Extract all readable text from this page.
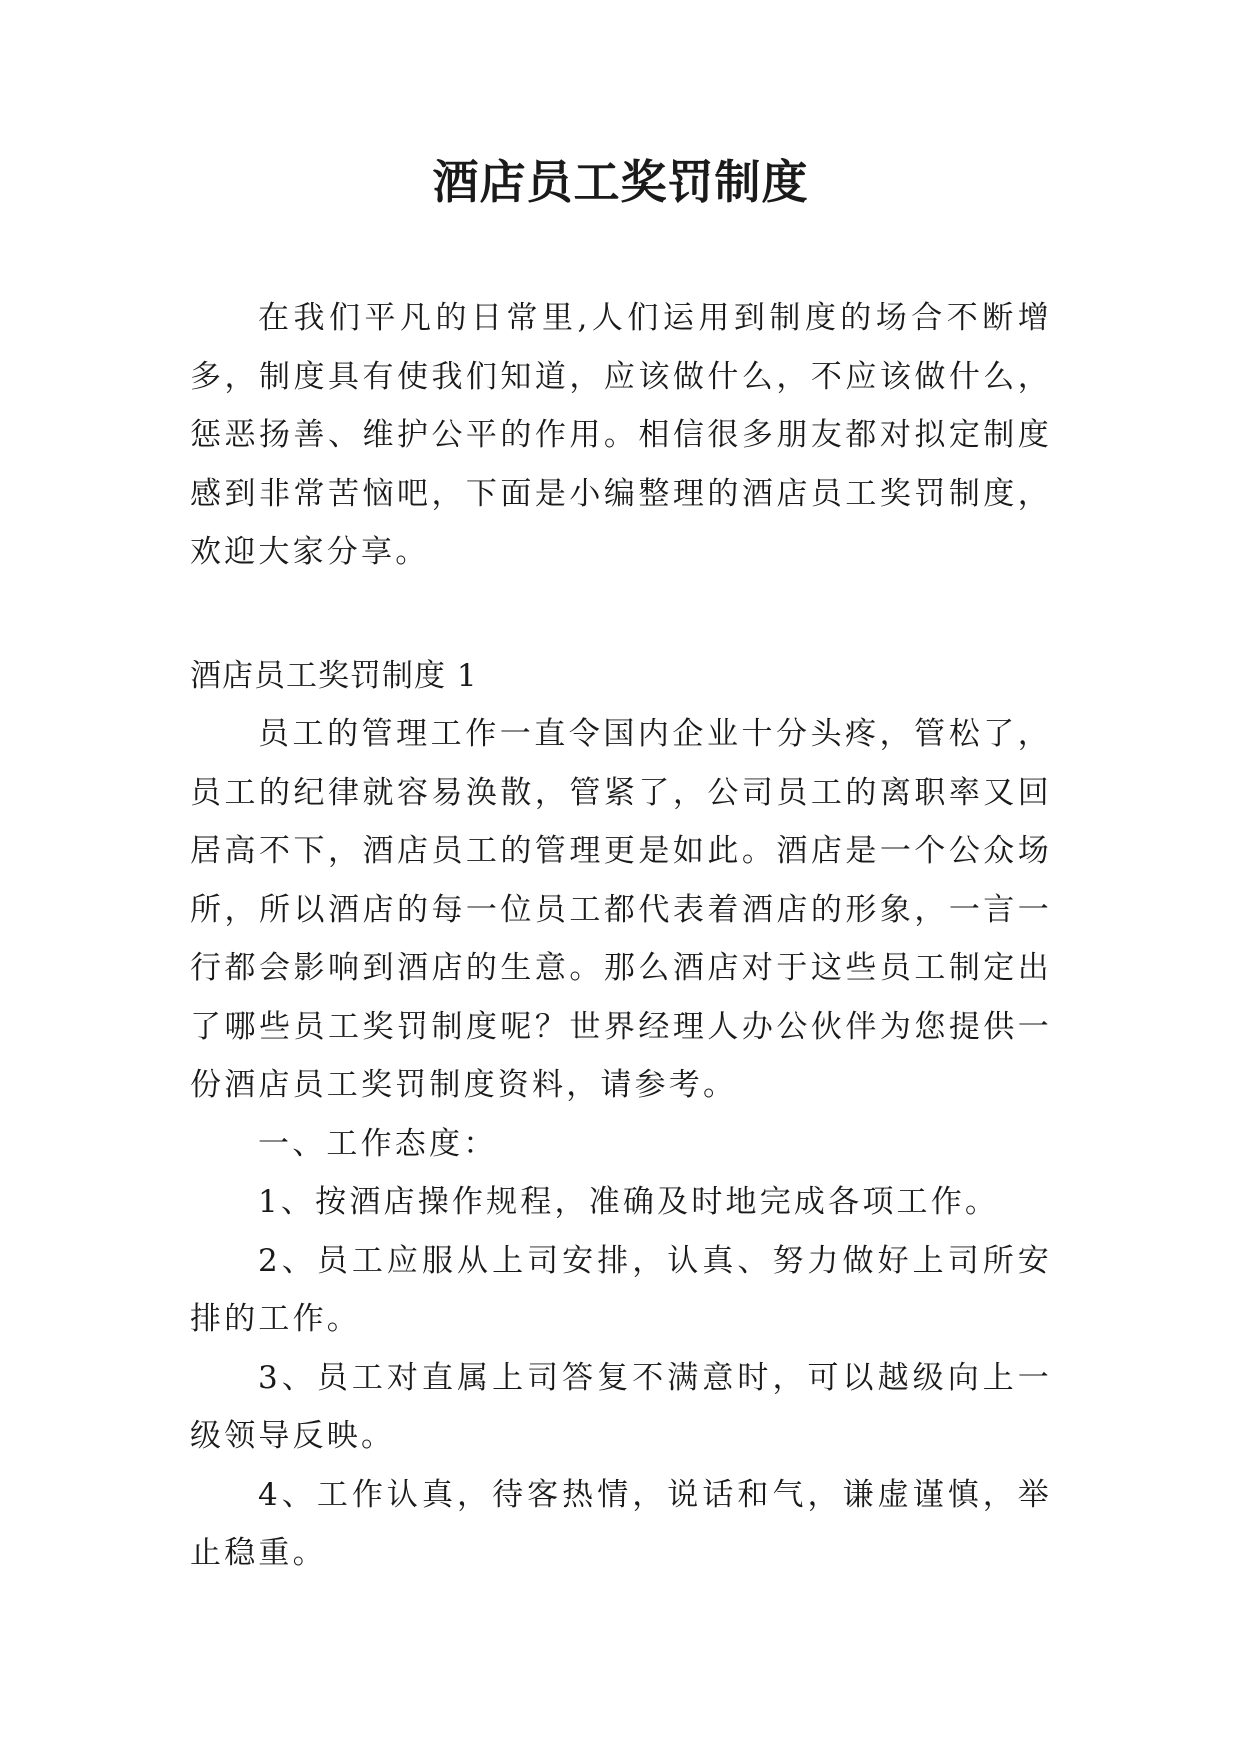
酒店员工奖罚制度

在我们平凡的日常里,人们运用到制度的场合不断增多，制度具有使我们知道，应该做什么，不应该做什么，惩恶扬善、维护公平的作用。相信很多朋友都对拟定制度感到非常苦恼吧，下面是小编整理的酒店员工奖罚制度，欢迎大家分享。

酒店员工奖罚制度 1

员工的管理工作一直令国内企业十分头疼，管松了，员工的纪律就容易涣散，管紧了，公司员工的离职率又回居高不下，酒店员工的管理更是如此。酒店是一个公众场所，所以酒店的每一位员工都代表着酒店的形象，一言一行都会影响到酒店的生意。那么酒店对于这些员工制定出了哪些员工奖罚制度呢？世界经理人办公伙伴为您提供一份酒店员工奖罚制度资料，请参考。

一、工作态度：

1、按酒店操作规程，准确及时地完成各项工作。

2、员工应服从上司安排，认真、努力做好上司所安排的工作。

3、员工对直属上司答复不满意时，可以越级向上一级领导反映。

4、工作认真，待客热情，说话和气，谦虚谨慎，举止稳重。
